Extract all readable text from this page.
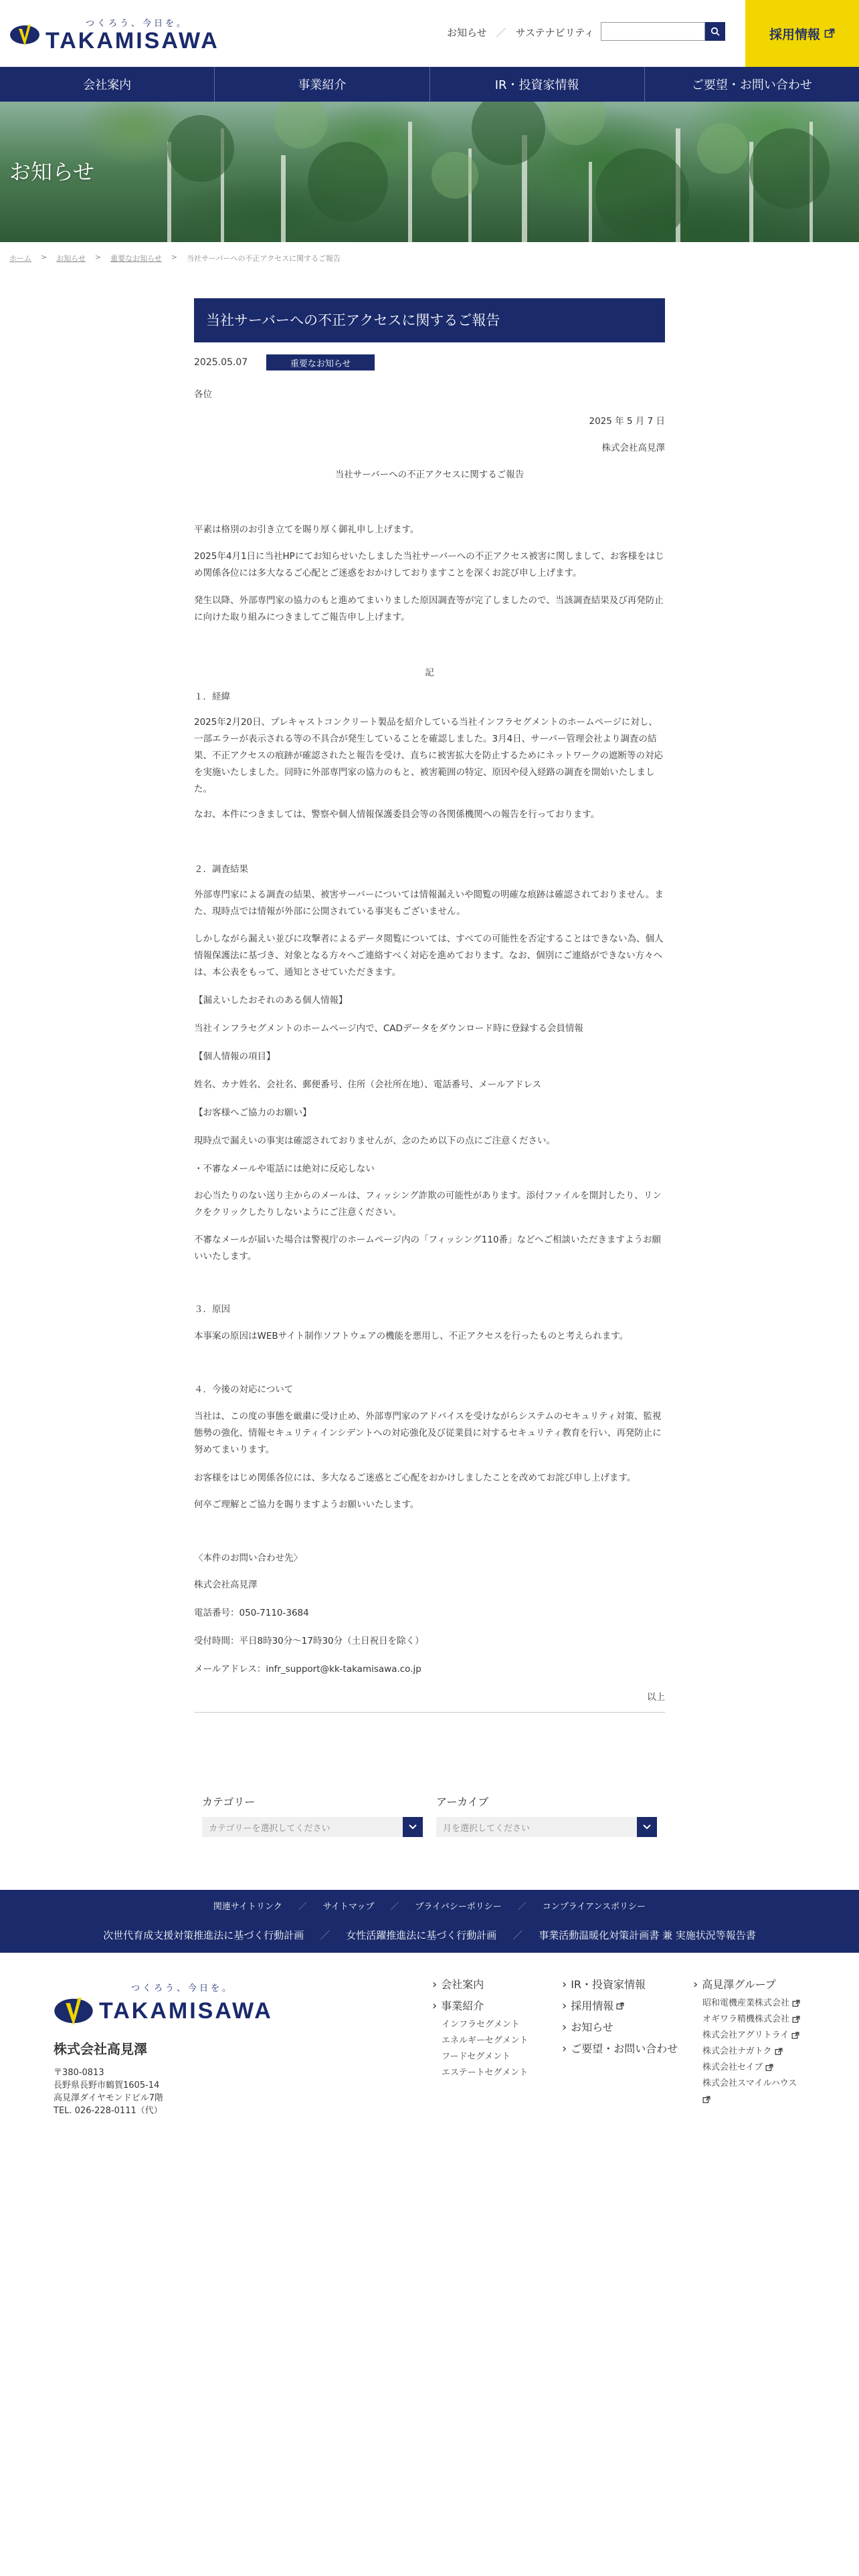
つくろう、今日を。
TAKAMISAWA	お知らせ ／ サステナビリティ	採用情報
会社案内	事業紹介	IR・投資家情報	ご要望・お問い合わせ
お知らせ
ホーム > お知らせ > 重要なお知らせ > 当社サーバーへの不正アクセスに関するご報告
当社サーバーへの不正アクセスに関するご報告
2025.05.07	重要なお知らせ

各位

2025 年 5 月 7 日

株式会社高見澤

当社サーバーへの不正アクセスに関するご報告

平素は格別のお引き立てを賜り厚く御礼申し上げます。

2025年4月1日に当社HPにてお知らせいたしました当社サーバーへの不正アクセス被害に関しまして、お客様をはじめ関係各位には多大なるご心配とご迷惑をおかけしておりますことを深くお詫び申し上げます。

発生以降、外部専門家の協力のもと進めてまいりました原因調査等が完了しましたので、当該調査結果及び再発防止に向けた取り組みにつきましてご報告申し上げます。

記

１．経緯

2025年2月20日、プレキャストコンクリート製品を紹介している当社インフラセグメントのホームページに対し、一部エラーが表示される等の不具合が発生していることを確認しました。3月4日、サーバー管理会社より調査の結果、不正アクセスの痕跡が確認されたと報告を受け、直ちに被害拡大を防止するためにネットワークの遮断等の対応を実施いたしました。同時に外部専門家の協力のもと、被害範囲の特定、原因や侵入経路の調査を開始いたしました。

なお、本件につきましては、警察や個人情報保護委員会等の各関係機関への報告を行っております。

２．調査結果

外部専門家による調査の結果、被害サーバーについては情報漏えいや閲覧の明確な痕跡は確認されておりません。また、現時点では情報が外部に公開されている事実もございません。

しかしながら漏えい並びに攻撃者によるデータ閲覧については、すべての可能性を否定することはできない為、個人情報保護法に基づき、対象となる方々へご連絡すべく対応を進めております。なお、個別にご連絡ができない方々へは、本公表をもって、通知とさせていただきます。

【漏えいしたおそれのある個人情報】

当社インフラセグメントのホームページ内で、CADデータをダウンロード時に登録する会員情報

【個人情報の項目】

姓名、カナ姓名、会社名、郵便番号、住所（会社所在地）、電話番号、メールアドレス

【お客様へご協力のお願い】

現時点で漏えいの事実は確認されておりませんが、念のため以下の点にご注意ください。

・不審なメールや電話には絶対に反応しない

お心当たりのない送り主からのメールは、フィッシング詐欺の可能性があります。添付ファイルを開封したり、リンクをクリックしたりしないようにご注意ください。

不審なメールが届いた場合は警視庁のホームページ内の「フィッシング110番」などへご相談いただきますようお願いいたします。

３．原因

本事案の原因はWEBサイト制作ソフトウェアの機能を悪用し、不正アクセスを行ったものと考えられます。

４．今後の対応について

当社は、この度の事態を厳粛に受け止め、外部専門家のアドバイスを受けながらシステムのセキュリティ対策、監視態勢の強化、情報セキュリティインシデントへの対応強化及び従業員に対するセキュリティ教育を行い、再発防止に努めてまいります。

お客様をはじめ関係各位には、多大なるご迷惑とご心配をおかけしましたことを改めてお詫び申し上げます。

何卒ご理解とご協力を賜りますようお願いいたします。

〈本件のお問い合わせ先〉

株式会社高見澤

電話番号：050-7110-3684

受付時間：平日8時30分〜17時30分（土日祝日を除く）

メールアドレス：infr_support@kk-takamisawa.co.jp

以上

カテゴリー
カテゴリーを選択してください
アーカイブ
月を選択してください
関連サイトリンク ／ サイトマップ ／ プライバシーポリシー ／ コンプライアンスポリシー
次世代育成支援対策推進法に基づく行動計画 ／ 女性活躍推進法に基づく行動計画 ／ 事業活動温暖化対策計画書 兼 実施状況等報告書
つくろう、今日を。
TAKAMISAWA
株式会社高見澤
〒380-0813
長野県長野市鶴賀1605-14
高見澤ダイヤモンドビル7階
TEL. 026-228-0111（代）
› 会社案内
› 事業紹介
インフラセグメント
エネルギーセグメント
フードセグメント
エステートセグメント
› IR・投資家情報
› 採用情報
› お知らせ
› ご要望・お問い合わせ
› 高見澤グループ
昭和電機産業株式会社
オギワラ精機株式会社
株式会社アグリトライ
株式会社ナガトク
株式会社セイブ
株式会社スマイルハウス
